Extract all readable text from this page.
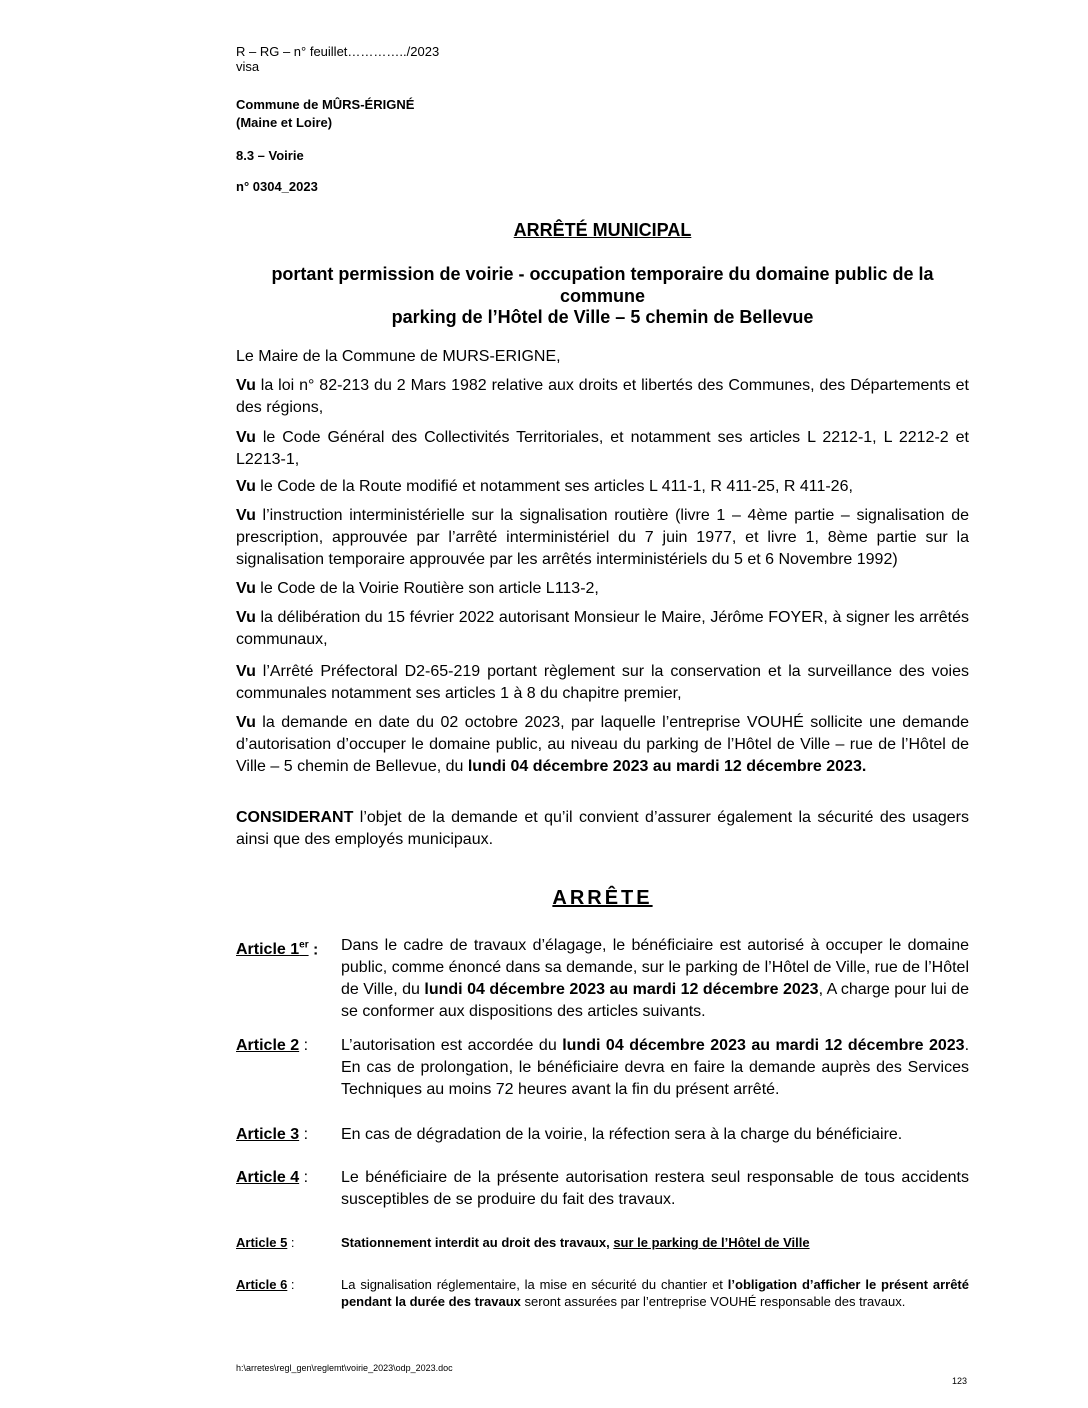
R – RG – n° feuillet…………../2023
visa
Commune de MÛRS-ÉRIGNÉ
(Maine et Loire)
8.3 – Voirie
n° 0304_2023
ARRÊTÉ MUNICIPAL
portant permission de voirie - occupation temporaire du domaine public de la
commune
parking de l’Hôtel de Ville – 5 chemin de Bellevue
Le Maire de la Commune de MURS-ERIGNE,
Vu la loi n° 82-213 du 2 Mars 1982 relative aux droits et libertés des Communes, des Départements et des régions,
Vu le Code Général des Collectivités Territoriales, et notamment ses articles L 2212-1, L 2212-2 et L2213-1,
Vu le Code de la Route modifié et notamment ses articles L 411-1, R 411-25, R 411-26,
Vu l’instruction interministérielle sur la signalisation routière (livre 1 – 4ème partie – signalisation de prescription, approuvée par l’arrêté interministériel du 7 juin 1977, et livre 1, 8ème partie sur la signalisation temporaire approuvée par les arrêtés interministériels du 5 et 6 Novembre 1992)
Vu le Code de la Voirie Routière son article L113-2,
Vu la délibération du 15 février 2022 autorisant Monsieur le Maire, Jérôme FOYER, à signer les arrêtés communaux,
Vu l’Arrêté Préfectoral D2-65-219 portant règlement sur la conservation et la surveillance des voies communales notamment ses articles 1 à 8 du chapitre premier,
Vu la demande en date du 02 octobre 2023, par laquelle l’entreprise VOUHÉ sollicite une demande d’autorisation d’occuper le domaine public, au niveau du parking de l’Hôtel de Ville – rue de l’Hôtel de Ville – 5 chemin de Bellevue, du lundi 04 décembre 2023 au mardi 12 décembre 2023.
CONSIDERANT l’objet de la demande et qu’il convient d’assurer également la sécurité des usagers ainsi que des employés municipaux.
ARRÊTE
Article 1er : Dans le cadre de travaux d’élagage, le bénéficiaire est autorisé à occuper le domaine public, comme énoncé dans sa demande, sur le parking de l’Hôtel de Ville, rue de l’Hôtel de Ville, du lundi 04 décembre 2023 au mardi 12 décembre 2023, A charge pour lui de se conformer aux dispositions des articles suivants.
Article 2 : L’autorisation est accordée du lundi 04 décembre 2023 au mardi 12 décembre 2023. En cas de prolongation, le bénéficiaire devra en faire la demande auprès des Services Techniques au moins 72 heures avant la fin du présent arrêté.
Article 3 : En cas de dégradation de la voirie, la réfection sera à la charge du bénéficiaire.
Article 4 : Le bénéficiaire de la présente autorisation restera seul responsable de tous accidents susceptibles de se produire du fait des travaux.
Article 5 :	Stationnement interdit au droit des travaux, sur le parking de l’Hôtel de Ville
Article 6 :	La signalisation réglementaire, la mise en sécurité du chantier et l’obligation d’afficher le présent arrêté pendant la durée des travaux seront assurées par l’entreprise VOUHÉ responsable des travaux.
h:\arretes\regl_gen\reglemt\voirie_2023\odp_2023.doc
123
